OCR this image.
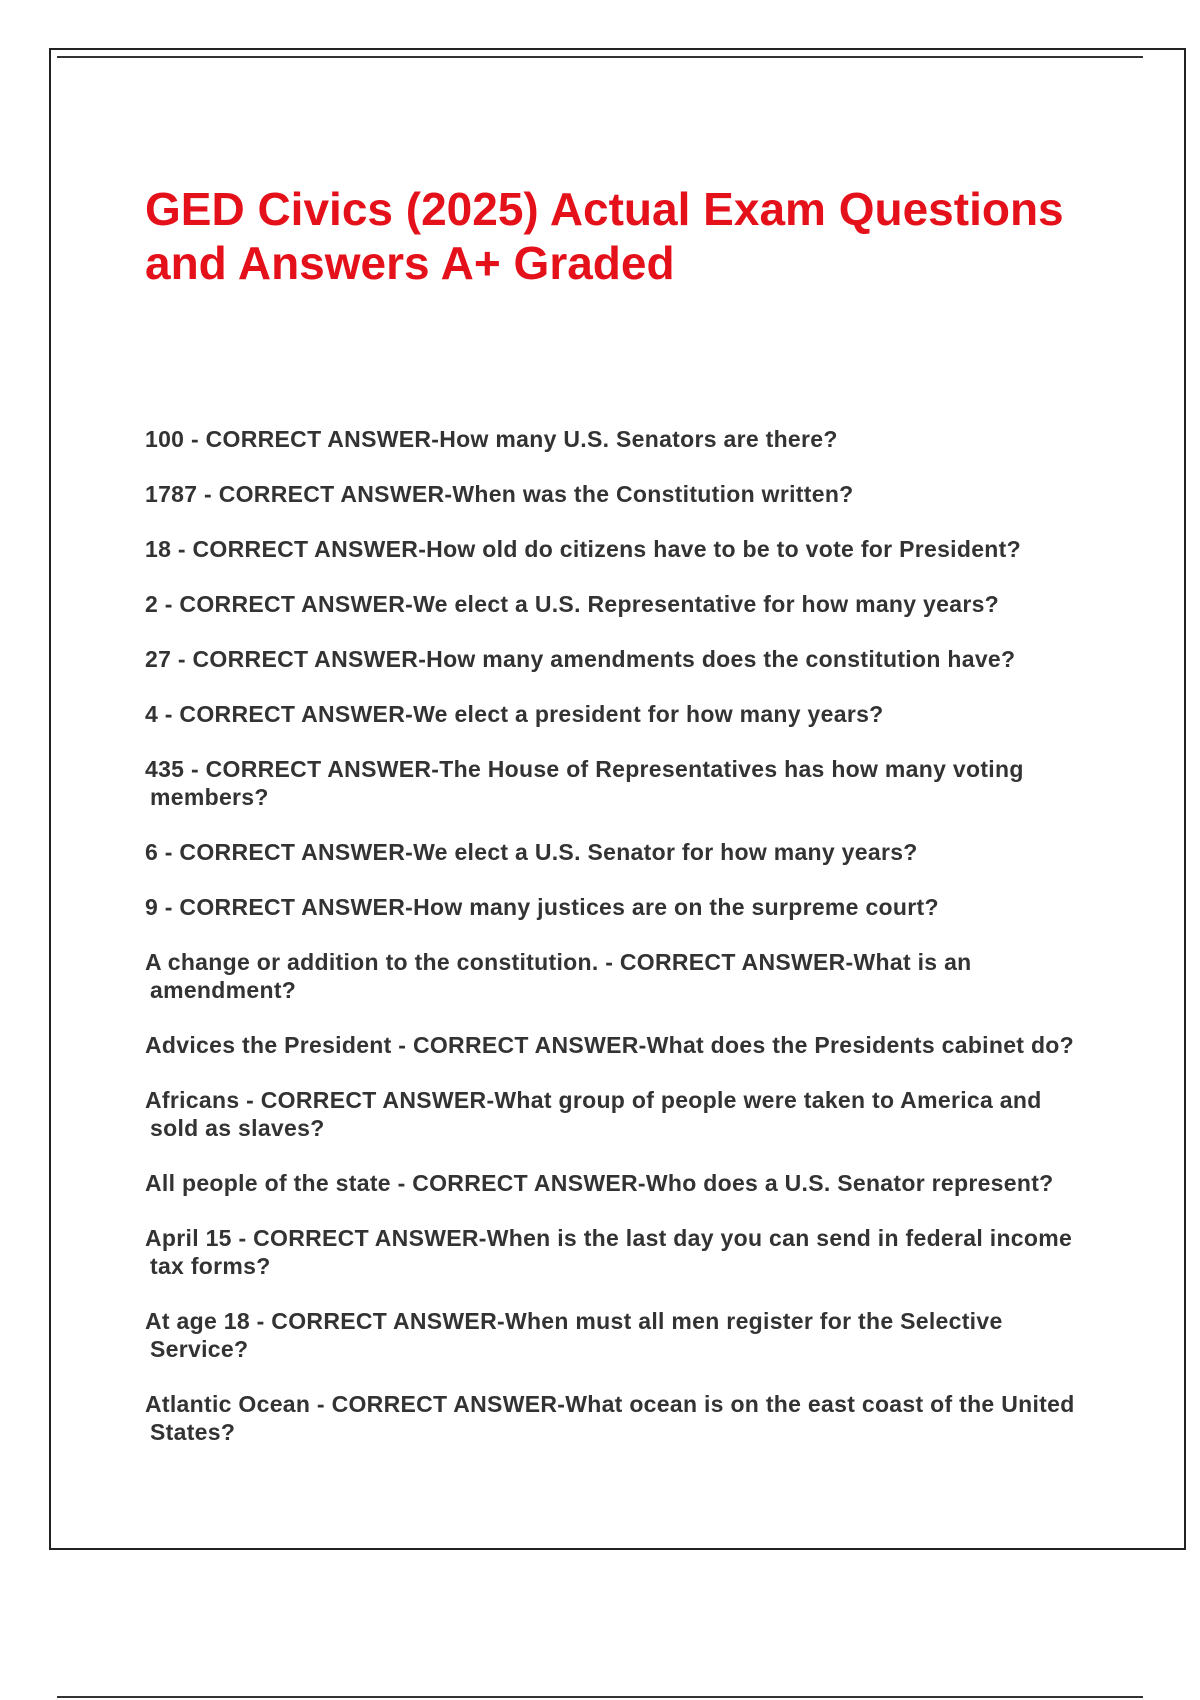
GED Civics (2025) Actual Exam Questions and Answers A+ Graded
100 - CORRECT ANSWER-How many U.S. Senators are there?
1787 - CORRECT ANSWER-When was the Constitution written?
18 - CORRECT ANSWER-How old do citizens have to be to vote for President?
2 - CORRECT ANSWER-We elect a U.S. Representative for how many years?
27 - CORRECT ANSWER-How many amendments does the constitution have?
4 - CORRECT ANSWER-We elect a president for how many years?
435 - CORRECT ANSWER-The House of Representatives has how many voting members?
6 - CORRECT ANSWER-We elect a U.S. Senator for how many years?
9 - CORRECT ANSWER-How many justices are on the surpreme court?
A change or addition to the constitution. - CORRECT ANSWER-What is an amendment?
Advices the President - CORRECT ANSWER-What does the Presidents cabinet do?
Africans - CORRECT ANSWER-What group of people were taken to America and sold as slaves?
All people of the state - CORRECT ANSWER-Who does a U.S. Senator represent?
April 15 - CORRECT ANSWER-When is the last day you can send in federal income tax forms?
At age 18 - CORRECT ANSWER-When must all men register for the Selective Service?
Atlantic Ocean - CORRECT ANSWER-What ocean is on the east coast of the United States?
